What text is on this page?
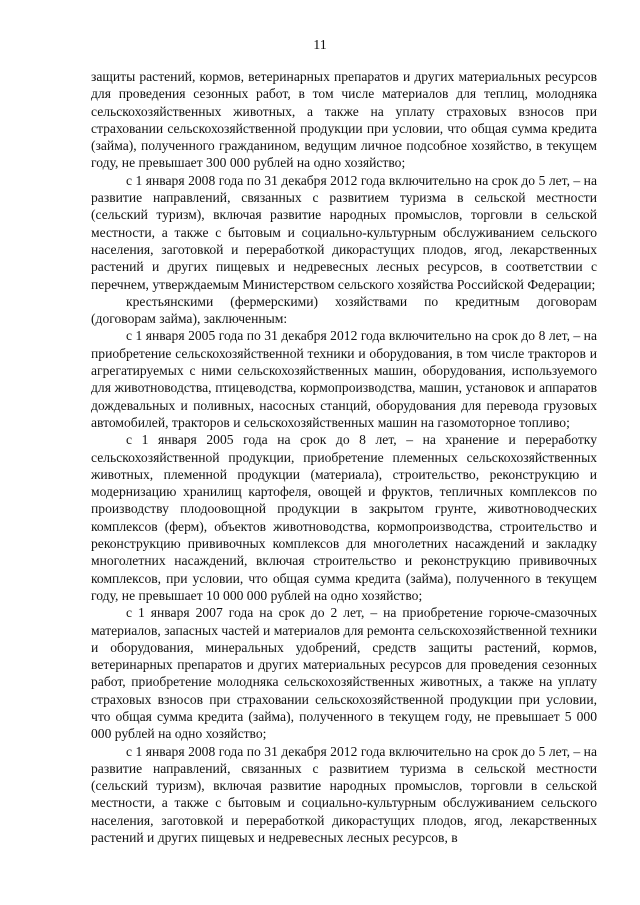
11

защиты растений, кормов, ветеринарных препаратов и других материальных ресурсов для проведения сезонных работ, в том числе материалов для теплиц, молодняка сельскохозяйственных животных, а также на уплату страховых взносов при страховании сельскохозяйственной продукции при условии, что общая сумма кредита (займа), полученного гражданином, ведущим личное подсобное хозяйство, в текущем году, не превышает 300 000 рублей на одно хозяйство;

с 1 января 2008 года по 31 декабря 2012 года включительно на срок до 5 лет, – на развитие направлений, связанных с развитием туризма в сельской местности (сельский туризм), включая развитие народных промыслов, торговли в сельской местности, а также с бытовым и социально-культурным обслуживанием сельского населения, заготовкой и переработкой дикорастущих плодов, ягод, лекарственных растений и других пищевых и недревесных лесных ресурсов, в соответствии с перечнем, утверждаемым Министерством сельского хозяйства Российской Федерации;

крестьянскими (фермерскими) хозяйствами по кредитным договорам (договорам займа), заключенным:

с 1 января 2005 года по 31 декабря 2012 года включительно на срок до 8 лет, – на приобретение сельскохозяйственной техники и оборудования, в том числе тракторов и агрегатируемых с ними сельскохозяйственных машин, оборудования, используемого для животноводства, птицеводства, кормопроизводства, машин, установок и аппаратов дождевальных и поливных, насосных станций, оборудования для перевода грузовых автомобилей, тракторов и сельскохозяйственных машин на газомоторное топливо;

с 1 января 2005 года на срок до 8 лет, – на хранение и переработку сельскохозяйственной продукции, приобретение племенных сельскохозяйственных животных, племенной продукции (материала), строительство, реконструкцию и модернизацию хранилищ картофеля, овощей и фруктов, тепличных комплексов по производству плодоовощной продукции в закрытом грунте, животноводческих комплексов (ферм), объектов животноводства, кормопроизводства, строительство и реконструкцию прививочных комплексов для многолетних насаждений и закладку многолетних насаждений, включая строительство и реконструкцию прививочных комплексов, при условии, что общая сумма кредита (займа), полученного в текущем году, не превышает 10 000 000 рублей на одно хозяйство;

с 1 января 2007 года на срок до 2 лет, – на приобретение горюче-смазочных материалов, запасных частей и материалов для ремонта сельскохозяйственной техники и оборудования, минеральных удобрений, средств защиты растений, кормов, ветеринарных препаратов и других материальных ресурсов для проведения сезонных работ, приобретение молодняка сельскохозяйственных животных, а также на уплату страховых взносов при страховании сельскохозяйственной продукции при условии, что общая сумма кредита (займа), полученного в текущем году, не превышает 5 000 000 рублей на одно хозяйство;

с 1 января 2008 года по 31 декабря 2012 года включительно на срок до 5 лет, – на развитие направлений, связанных с развитием туризма в сельской местности (сельский туризм), включая развитие народных промыслов, торговли в сельской местности, а также с бытовым и социально-культурным обслуживанием сельского населения, заготовкой и переработкой дикорастущих плодов, ягод, лекарственных растений и других пищевых и недревесных лесных ресурсов, в
